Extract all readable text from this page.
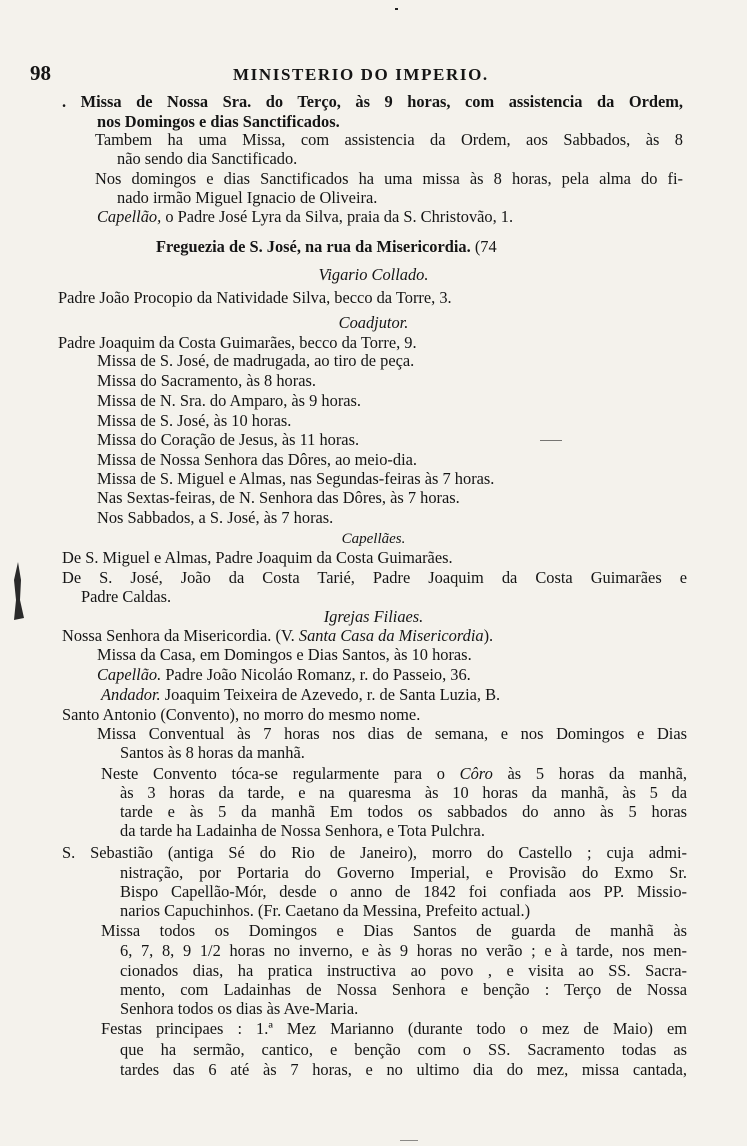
98	MINISTERIO DO IMPERIO.
. Missa de Nossa Sra. do Terço, às 9 horas, com assistencia da Ordem,
nos Domingos e dias Sanctificados.
Tambem ha uma Missa, com assistencia da Ordem, aos Sabbados, às 8
não sendo dia Sanctificado.
Nos domingos e dias Sanctificados ha uma missa às 8 horas, pela alma do fi-
nado irmão Miguel Ignacio de Oliveira.
Capellão, o Padre José Lyra da Silva, praia da S. Christovão, 1.
Freguezia de S. José, na rua da Misericordia. (74
Vigario Collado.
Padre João Procopio da Natividade Silva, becco da Torre, 3.
Coadjutor.
Padre Joaquim da Costa Guimarães, becco da Torre, 9.
Missa de S. José, de madrugada, ao tiro de peça.
Missa do Sacramento, às 8 horas.
Missa de N. Sra. do Amparo, às 9 horas.
Missa de S. José, às 10 horas.
Missa do Coração de Jesus, às 11 horas.
Missa de Nossa Senhora das Dôres, ao meio-dia.
Missa de S. Miguel e Almas, nas Segundas-feiras às 7 horas.
Nas Sextas-feiras, de N. Senhora das Dôres, às 7 horas.
Nos Sabbados, a S. José, às 7 horas.
Capellães.
De S. Miguel e Almas, Padre Joaquim da Costa Guimarães.
De S. José, João da Costa Tarié, Padre Joaquim da Costa Guimarães e
Padre Caldas.
Igrejas Filiaes.
Nossa Senhora da Misericordia. (V. Santa Casa da Misericordia).
Missa da Casa, em Domingos e Dias Santos, às 10 horas.
Capellão. Padre João Nicoláo Romanz, r. do Passeio, 36.
Andador. Joaquim Teixeira de Azevedo, r. de Santa Luzia, B.
Santo Antonio (Convento), no morro do mesmo nome.
Missa Conventual às 7 horas nos dias de semana, e nos Domingos e Dias
Santos às 8 horas da manhã.
Neste Convento tóca-se regularmente para o Côro às 5 horas da manhã,
às 3 horas da tarde, e na quaresma às 10 horas da manhã, às 5 da
tarde e às 5 da manhã Em todos os sabbados do anno às 5 horas
da tarde ha Ladainha de Nossa Senhora, e Tota Pulchra.
S. Sebastião (antiga Sé do Rio de Janeiro), morro do Castello ; cuja admi-
nistração, por Portaria do Governo Imperial, e Provisão do Exmo Sr.
Bispo Capellão-Mór, desde o anno de 1842 foi confiada aos PP. Missio-
narios Capuchinhos. (Fr. Caetano da Messina, Prefeito actual.)
Missa todos os Domingos e Dias Santos de guarda de manhã às
6, 7, 8, 9 1/2 horas no inverno, e às 9 horas no verão ; e à tarde, nos men-
cionados dias, ha pratica instructiva ao povo , e visita ao SS. Sacra-
mento, com Ladainhas de Nossa Senhora e benção : Terço de Nossa
Senhora todos os dias às Ave-Maria.
Festas principaes : 1.ª Mez Marianno (durante todo o mez de Maio) em
que ha sermão, cantico, e benção com o SS. Sacramento todas as
tardes das 6 até às 7 horas, e no ultimo dia do mez, missa cantada,
